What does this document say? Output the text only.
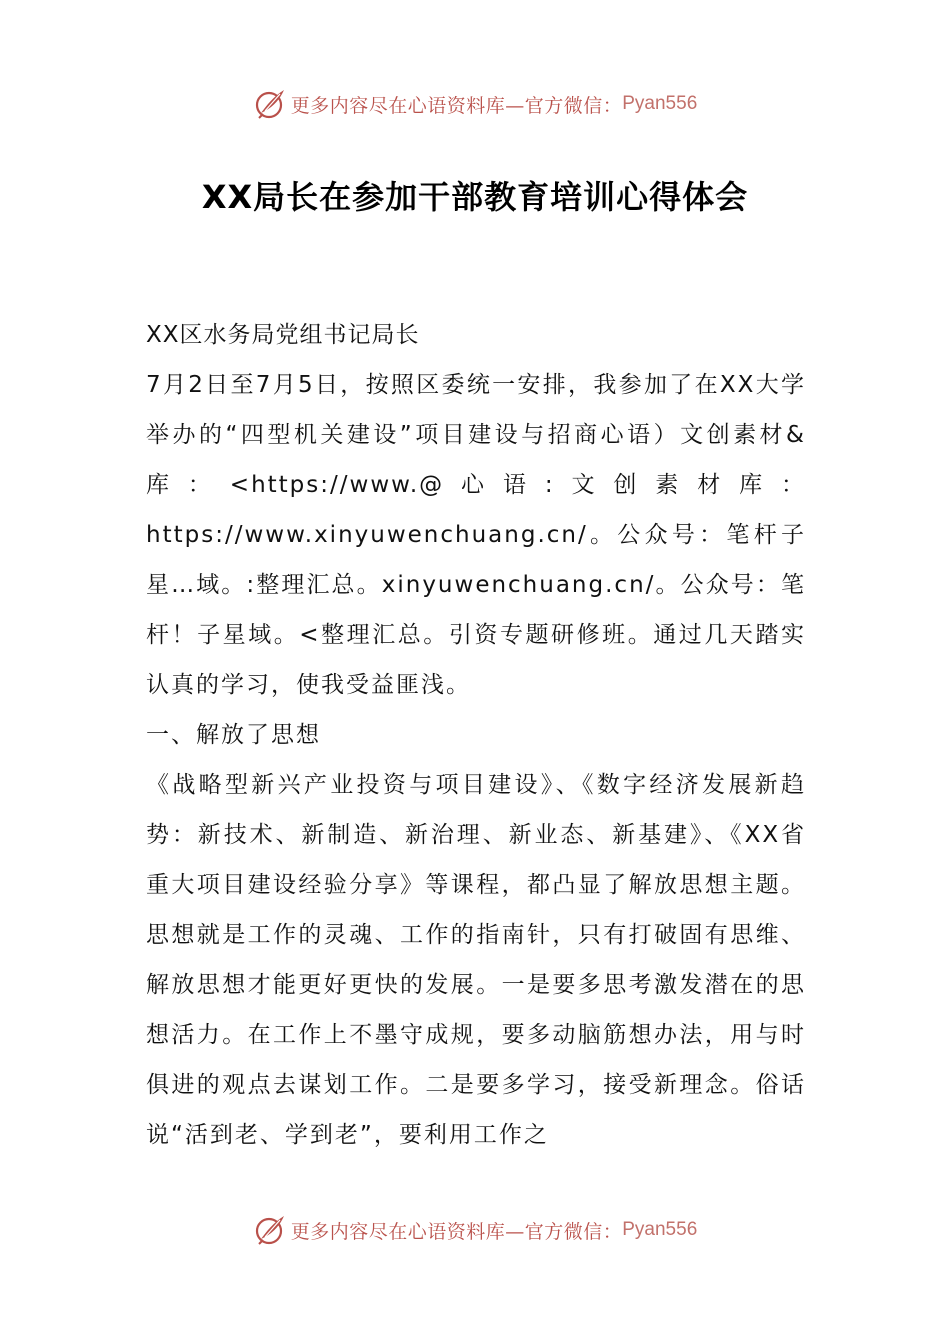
更多内容尽在心语资料库—官方微信： Pyan556
XX局长在参加干部教育培训心得体会

XX区水务局党组书记局长

7月2日至7月5日，按照区委统一安排，我参加了在XX大学举办的“四型机关建设”项目建设与招商心语）文创素材&库：<https://www.@心语:文创素材库：https://www.xinyuwenchuang.cn/。公众号：笔杆子星…域。:整理汇总。xinyuwenchuang.cn/。公众号：笔杆！子星域。<整理汇总。引资专题研修班。通过几天踏实认真的学习，使我受益匪浅。

一、解放了思想

《战略型新兴产业投资与项目建设》、《数字经济发展新趋势：新技术、新制造、新治理、新业态、新基建》、《XX省重大项目建设经验分享》等课程，都凸显了解放思想主题。思想就是工作的灵魂、工作的指南针，只有打破固有思维、解放思想才能更好更快的发展。一是要多思考激发潜在的思想活力。在工作上不墨守成规，要多动脑筋想办法，用与时俱进的观点去谋划工作。二是要多学习，接受新理念。俗话说“活到老、学到老”，要利用工作之

更多内容尽在心语资料库—官方微信： Pyan556
